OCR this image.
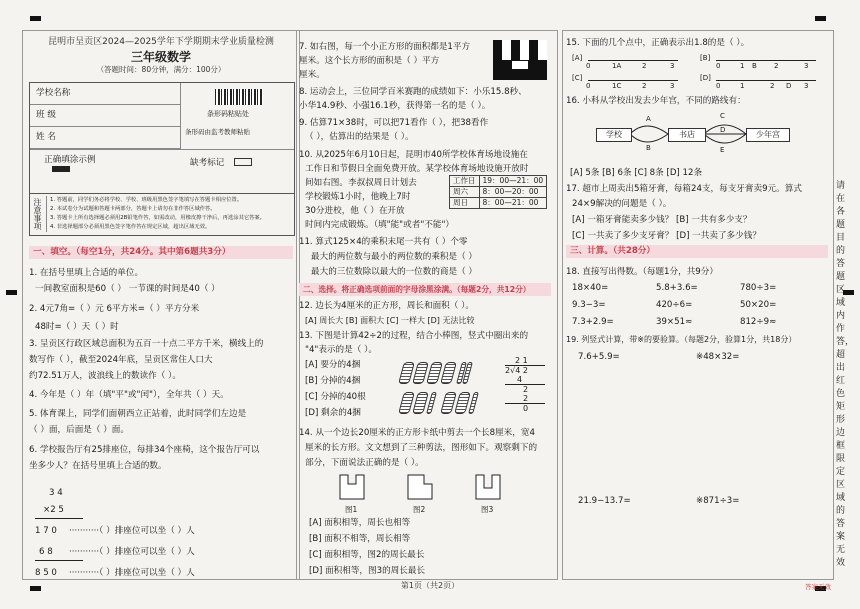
昆明市呈贡区2024—2025学年下学期期末学业质量检测
三年级数学
（答题时间：80分钟，满分：100分）
学校名称
班 级
姓 名
条形码粘贴处
条形码由监考教师粘贴
正确填涂示例	缺考标记
注意事项 1. 答题前，同学们务必将学校、学校、班级用黑色签字笔填写在答题卡相应位置。
2. 本试卷分为试题和答题卡两部分，答题卡上请勿在非作答区域作答。
3. 答题卡上所有选择题必须用2B铅笔作答，如需改动，用橡皮擦干净后，再选涂其它答案。
4. 非选择题部分必须用黑色签字笔作答在规定区域，超出区域无效。
一、填空。（每空1分，共24分。其中第6题共3分）
1. 在括号里填上合适的单位。
一间教室面积是60（ ） 一节课的时间是40（ ）
2. 4元7角=（ ）元 6平方米=（ ）平方分米
48时=（ ）天（ ）时
3. 呈贡区行政区域总面积为五百一十点二平方千米，横线上的
数写作（ ），截至2024年底，呈贡区常住人口大
约72.51万人，波浪线上的数读作（ ）。
4. 今年是（ ）年（填"平"或"闰"），全年共（ ）天。
5. 体育课上，同学们面朝西立正站着，此时同学们左边是
（ ）面，后面是（ ）面。
6. 学校报告厅有25排座位，每排34个座椅，这个报告厅可以
坐多少人？在括号里填上合适的数。
3 4
×2 5
1 7 0 ···········（ ）排座位可以坐（ ）人
6 8 ···········（ ）排座位可以坐（ ）人
8 5 0 ···········（ ）排座位可以坐（ ）人
7. 如右图，每一个小正方形的面积都是1平方
厘米。这个长方形的面积是（ ）平方
厘米。
8. 运动会上，三位同学百米赛跑的成绩如下：小乐15.8秒、
小华14.9秒、小强16.1秒，获得第一名的是（ ）。
9. 估算71×38时，可以把71看作（ ），把38看作
（ ），估算出的结果是（ ）。
10. 从2025年6月10日起，昆明市40所学校体育场地设施在
工作日和节假日全面免费开放。某学校体育场地设施开放时
间如右图。李叔叔周日计划去
学校锻炼1小时，他晚上7时
30分进校，他（ ）在开放
时间内完成锻炼。（填"能"或者"不能"）
工作日	19：00—21：00
周六	8：00—20：00
周日	8：00—21：00
11. 算式125×4的乘积末尾一共有（ ）个零
最大的两位数与最小的两位数的乘积是（ ）
最大的三位数除以最大的一位数的商是（ ）
二、选择。将正确选项前面的字母涂黑涂满。（每题2分，共12分）
12. 边长为4厘米的正方形，周长和面积（ ）。
[A] 周长大 [B] 面积大 [C] 一样大 [D] 无法比较
13. 下图是计算42÷2的过程，结合小棒图，竖式中圈出来的
"4"表示的是（ ）。
[A] 要分的4捆
[B] 分掉的4捆
[C] 分掉的40根
[D] 剩余的4捆
2 1
2√4 2
4
2
2
0
14. 从一个边长20厘米的正方形卡纸中剪去一个长8厘米，宽4
厘米的长方形。文文想到了三种剪法，图形如下。观察剩下的
部分，下面说法正确的是（ ）。
图1	图2	图3
[A] 面积相等，周长也相等
[B] 面积不相等，周长相等
[C] 面积相等，图2的周长最长
[D] 面积相等，图3的周长最长
15. 下面的几个点中，正确表示出1.8的是（ ）。
[A]
0	1A	2	3
[B]
0	1 B 2	3
[C]
0	1C	2	3
[D]
0	1	2 D 3
16. 小科从学校出发去少年宫，不同的路线有：
学校	书店	少年宫
A
B
C
D
E
[A] 5条 [B] 6条 [C] 8条 [D] 12条
17. 超市上周卖出5箱牙膏，每箱24支，每支牙膏卖9元。算式
24×9解决的问题是（ ）。
[A] 一箱牙膏能卖多少钱？ [B] 一共有多少支？
[C] 一共卖了多少支牙膏？ [D] 一共卖了多少钱？
三、计算。（共28分）
18. 直接写出得数。（每题1分，共9分）
18×40=	5.8+3.6=	780÷3=
9.3−3=	420÷6=	50×20=
7.3+2.9=	39×51≈	812÷9≈
19. 列竖式计算，带※的要验算。（每题2分，验算1分，共18分）
7.6+5.9=	※48×32=
21.9−13.7=	※871÷3=
请在各题目的答题区域内作答，超出红色矩形边框限定区域的答案无效
答案无效
第1页（共2页）
